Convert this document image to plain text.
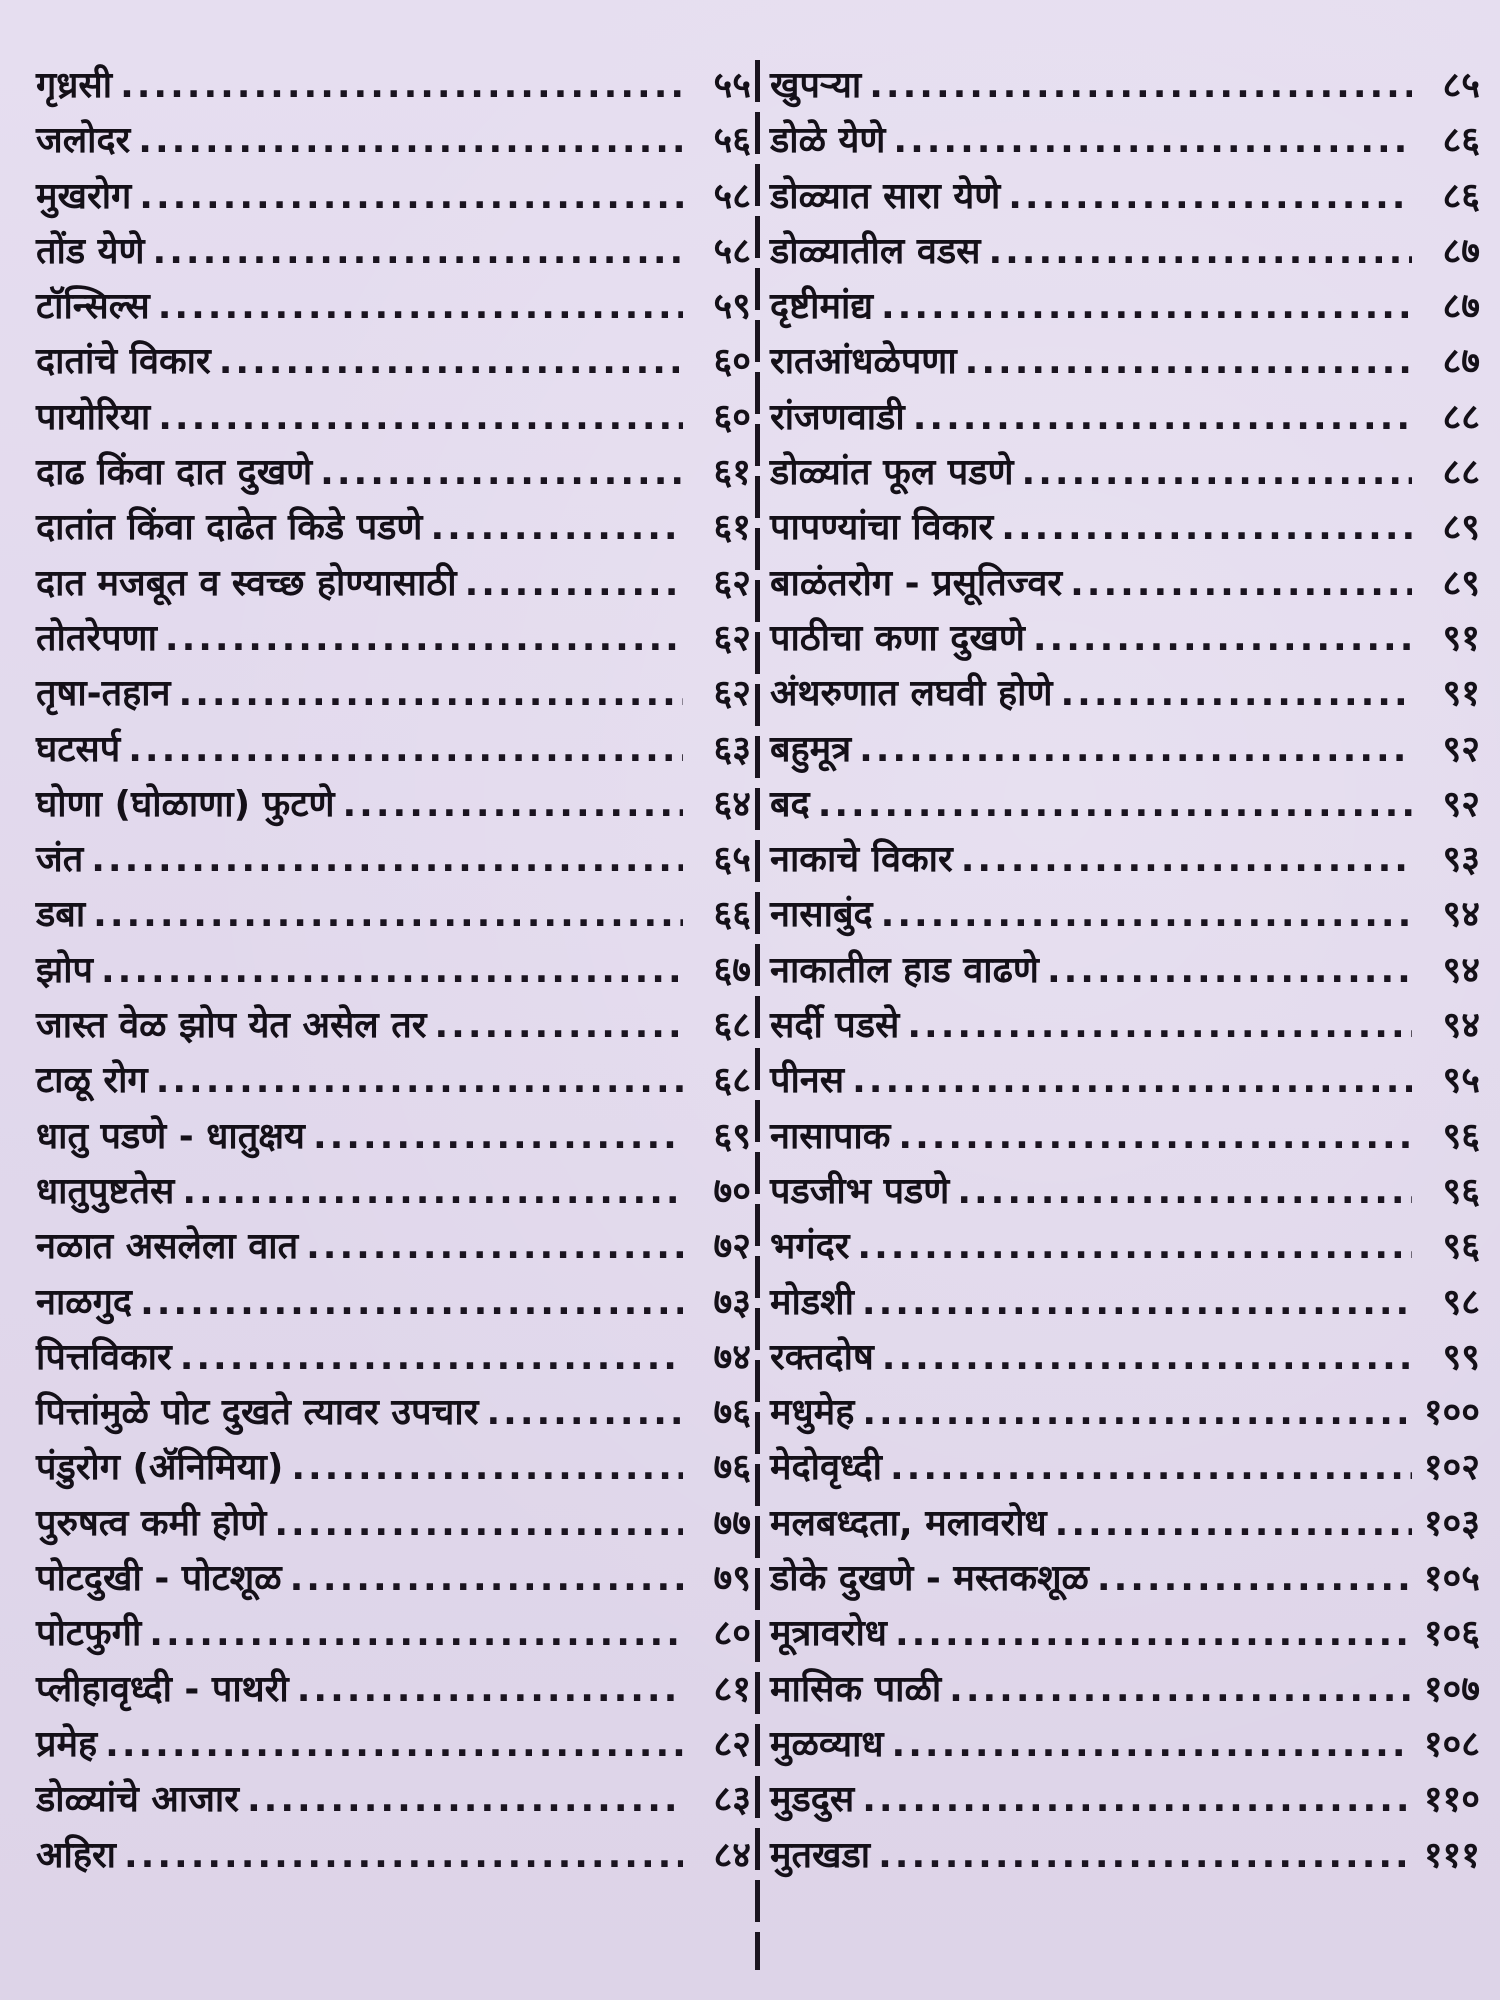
गृध्रसी .....	५५
जलोदर .....	५६
मुखरोग .....	५८
तोंड येणे .....	५८
टॉन्सिल्स .....	५९
दातांचे विकार .....	६०
पायोरिया .....	६०
दाढ किंवा दात दुखणे .....	६१
दातांत किंवा दाढेत किडे पडणे .....	६१
दात मजबूत व स्वच्छ होण्यासाठी .....	६२
तोतरेपणा .....	६२
तृषा-तहान .....	६२
घटसर्प .....	६३
घोणा (घोळाणा) फुटणे .....	६४
जंत .....	६५
डबा .....	६६
झोप .....	६७
जास्त वेळ झोप येत असेल तर .....	६८
टाळू रोग .....	६८
धातु पडणे - धातुक्षय .....	६९
धातुपुष्टतेस .....	७०
नळात असलेला वात .....	७२
नाळगुद .....	७३
पित्तविकार .....	७४
पित्तांमुळे पोट दुखते त्यावर उपचार .....	७६
पंडुरोग (ॲनिमिया) .....	७६
पुरुषत्व कमी होणे .....	७७
पोटदुखी - पोटशूळ .....	७९
पोटफुगी .....	८०
प्लीहावृध्दी - पाथरी .....	८१
प्रमेह .....	८२
डोळ्यांचे आजार .....	८३
अहिरा .....	८४
खुपऱ्या .....	८५
डोळे येणे .....	८६
डोळ्यात सारा येणे .....	८६
डोळ्यातील वडस .....	८७
दृष्टीमांद्य .....	८७
रातआंधळेपणा .....	८७
रांजणवाडी .....	८८
डोळ्यांत फूल पडणे .....	८८
पापण्यांचा विकार .....	८९
बाळंतरोग - प्रसूतिज्वर .....	८९
पाठीचा कणा दुखणे .....	९१
अंथरुणात लघवी होणे .....	९१
बहुमूत्र .....	९२
बद .....	९२
नाकाचे विकार .....	९३
नासाबुंद .....	९४
नाकातील हाड वाढणे .....	९४
सर्दी पडसे .....	९४
पीनस .....	९५
नासापाक .....	९६
पडजीभ पडणे .....	९६
भगंदर .....	९६
मोडशी .....	९८
रक्तदोष .....	९९
मधुमेह .....	१००
मेदोवृध्दी .....	१०२
मलबध्दता, मलावरोध .....	१०३
डोके दुखणे - मस्तकशूळ .....	१०५
मूत्रावरोध .....	१०६
मासिक पाळी .....	१०७
मुळव्याध .....	१०८
मुडदुस .....	११०
मुतखडा .....	१११
